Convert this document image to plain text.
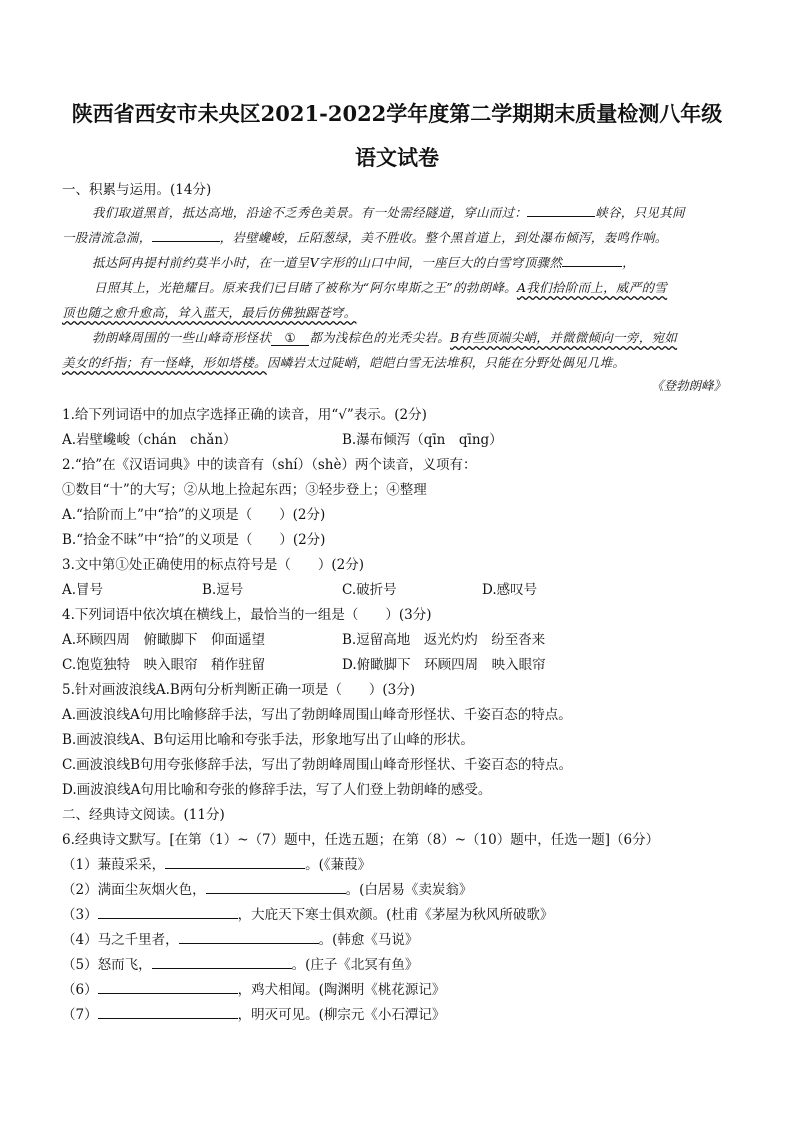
陕西省西安市未央区2021-2022学年度第二学期期末质量检测八年级
语文试卷
一、积累与运用。(14分)
我们取道黑首，抵达高地，沿途不乏秀色美景。有一处需经隧道，穿山而过：	峡谷，只见其间
一股清流急湍，	，岩壁巉峻，丘陌葱绿，美不胜收。整个黑首道上，到处瀑布倾泻，轰鸣作响。
抵达阿冉提村前约莫半小时，在一道呈V字形的山口中间，一座巨大的白雪穹顶骤然	，
日照其上，光艳耀目。原来我们已目睹了被称为“阿尔卑斯之王”的勃朗峰。A我们拾阶而上，威严的雪
顶也随之愈升愈高，耸入蓝天，最后仿佛独踞苍穹。
勃朗峰周围的一些山峰奇形怪状 ① 都为浅棕色的光秃尖岩。B有些顶端尖峭，并微微倾向一旁，宛如
美女的纤指；有一怪峰，形如塔楼。因嶙岩太过陡峭，皑皑白雪无法堆积，只能在分野处偶见几堆。
《登勃朗峰》
1.给下列词语中的加点字选择正确的读音，用“√”表示。(2分)
A.岩壁巉峻（chán　chǎn）	B.瀑布倾泻（qīn　qīng）
2.“拾”在《汉语词典》中的读音有（shí）（shè）两个读音，义项有：
①数目“十”的大写；②从地上捡起东西；③轻步登上；④整理
A.“拾阶而上”中“拾”的义项是（　　）(2分)
B.“拾金不昧”中“拾”的义项是（　　）(2分)
3.文中第①处正确使用的标点符号是（　　）(2分)
A.冒号	B.逗号	C.破折号	D.感叹号
4.下列词语中依次填在横线上，最恰当的一组是（　　）(3分)
A.环顾四周　俯瞰脚下　仰面遥望	B.逗留高地　返光灼灼　纷至沓来
C.饱览独特　映入眼帘　稍作驻留	D.俯瞰脚下　环顾四周　映入眼帘
5.针对画波浪线A.B两句分析判断正确一项是（　　）(3分)
A.画波浪线A句用比喻修辞手法，写出了勃朗峰周围山峰奇形怪状、千姿百态的特点。
B.画波浪线A、B句运用比喻和夸张手法，形象地写出了山峰的形状。
C.画波浪线B句用夸张修辞手法，写出了勃朗峰周围山峰奇形怪状、千姿百态的特点。
D.画波浪线A句用比喻和夸张的修辞手法，写了人们登上勃朗峰的感受。
二、经典诗文阅读。(11分)
6.经典诗文默写。[在第（1）~（7）题中，任选五题；在第（8）~（10）题中，任选一题]（6分）
（1）蒹葭采采，	。(《蒹葭》
（2）满面尘灰烟火色，	。(白居易《卖炭翁》
（3）	，大庇天下寒士俱欢颜。(杜甫《茅屋为秋风所破歌》
（4）马之千里者，	。(韩愈《马说》
（5）怒而飞，	。(庄子《北冥有鱼》
（6）	，鸡犬相闻。(陶渊明《桃花源记》
（7）	，明灭可见。(柳宗元《小石潭记》
